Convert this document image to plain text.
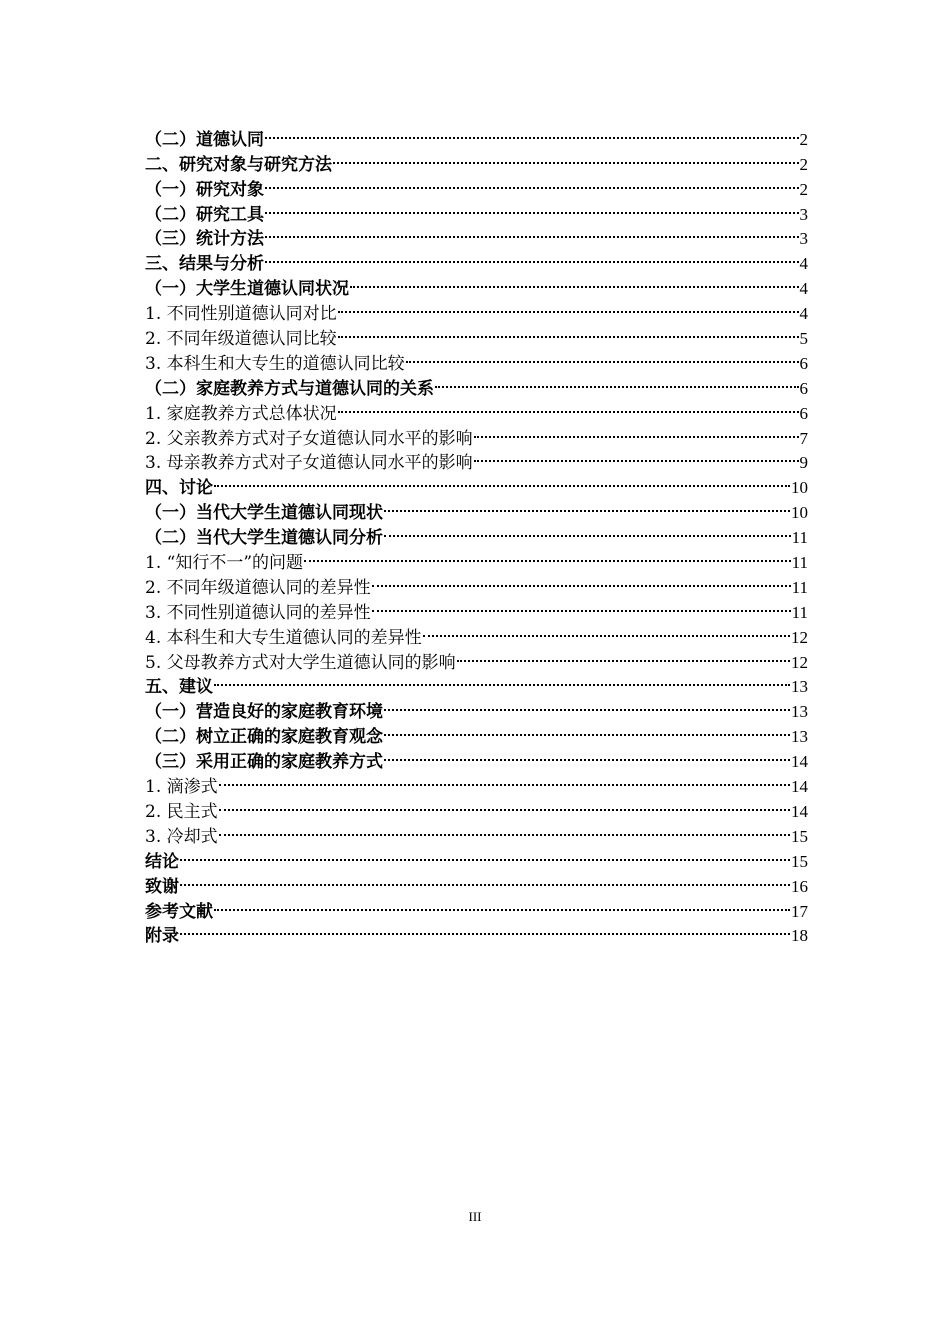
（二）道德认同	2
二、研究对象与研究方法	2
（一）研究对象	2
（二）研究工具	3
（三）统计方法	3
三、结果与分析	4
（一）大学生道德认同状况	4
1. 不同性别道德认同对比	4
2. 不同年级道德认同比较	5
3. 本科生和大专生的道德认同比较	6
（二）家庭教养方式与道德认同的关系	6
1. 家庭教养方式总体状况	6
2. 父亲教养方式对子女道德认同水平的影响	7
3. 母亲教养方式对子女道德认同水平的影响	9
四、讨论	10
（一）当代大学生道德认同现状	10
（二）当代大学生道德认同分析	11
1. “知行不一”的问题	11
2. 不同年级道德认同的差异性	11
3. 不同性别道德认同的差异性	11
4. 本科生和大专生道德认同的差异性	12
5. 父母教养方式对大学生道德认同的影响	12
五、建议	13
（一）营造良好的家庭教育环境	13
（二）树立正确的家庭教育观念	13
（三）采用正确的家庭教养方式	14
1. 滴渗式	14
2. 民主式	14
3. 冷却式	15
结论	15
致谢	16
参考文献	17
附录	18
III
